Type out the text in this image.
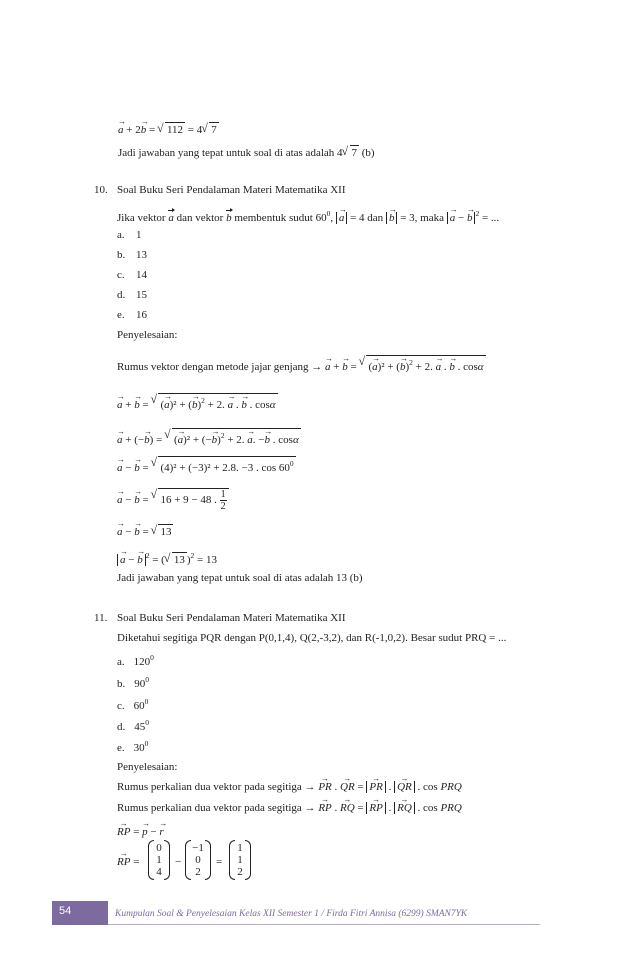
→ a + 2→ b = √ 112 = 4 √ 7
Jadi jawaban yang tepat untuk soal di atas adalah 4 √ 7 (b)
10. Soal Buku Seri Pendalaman Materi Matematika XII
Jika vektor a dan vektor b membentuk sudut $60^0$, → a = 4 dan → b = 3, maka → a − → b $^2$ = ...
a. 1
b. 13
c. 14
d. 15
e. 16
Penyelesaian:
Rumus vektor dengan metode jajar genjang → → a + → b = √ (→ a)² + (→ b)$^2$ + 2. → a . → b . cosα
→ a + → b = √ (→ a)² + (→ b)$^2$ + 2. → a . → b . cosα
→ a + (−→ b) = √ (→ a)² + (−→ b)$^2$ + 2. → a. −→ b . cosα
→ a − → b = √ (4)² + (−3)² + 2.8. −3 . $\cos 60^0$
→ a − → b = √ 16 + 9 − 48 . $\frac{1}{2}$
→ a − → b = √ 13
→ a − → b $^2$ = ( √ 13 )$^2$ = 13
Jadi jawaban yang tepat untuk soal di atas adalah 13 (b)
11. Soal Buku Seri Pendalaman Materi Matematika XII
Diketahui segitiga PQR dengan P(0,1,4), Q(2,-3,2), dan R(-1,0,2). Besar sudut PRQ = ...
a. $120^0$
b. $90^0$
c. $60^0$
d. $45^0$
e. $30^0$
Penyelesaian:
Rumus perkalian dua vektor pada segitiga → → PR . → QR = → PR . → QR . cos PRQ
Rumus perkalian dua vektor pada segitiga → → RP . → RQ = → RP . → RQ . cos PRQ
→ RP = → p − → r
→ RP =
0
1
4
−
−1
0
2
=
1
1
2
54	Kumpulan Soal & Penyelesaian Kelas XII Semester 1 / Firda Fitri Annisa (6299) SMAN7YK
